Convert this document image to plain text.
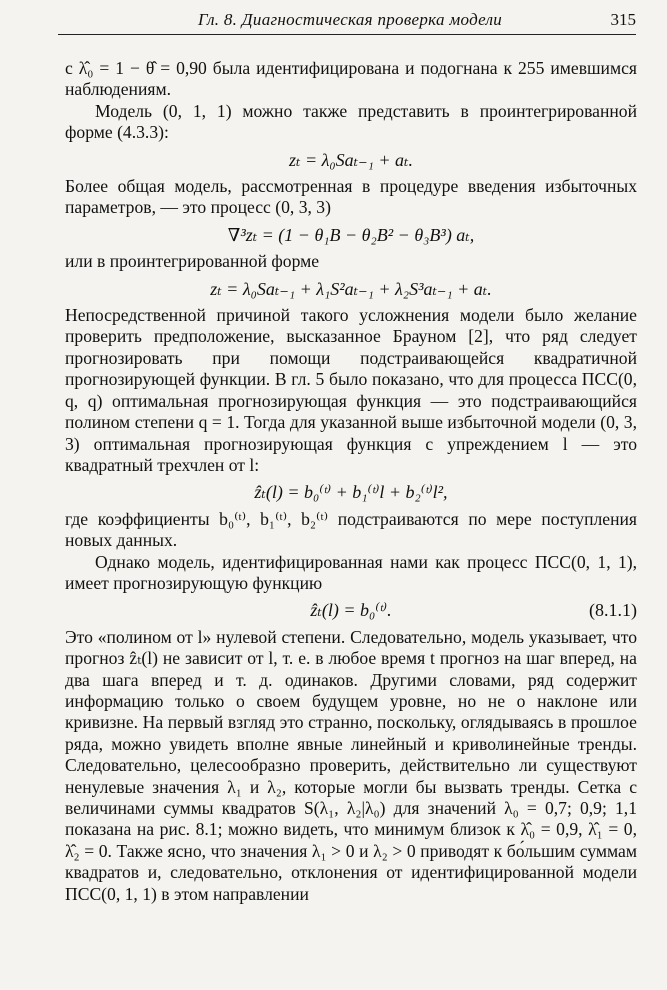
Гл. 8. Диагностическая проверка модели	315

с λ̂₀ = 1 − θ̂ = 0,90 была идентифицирована и подогнана к 255 имевшимся наблюдениям.

Модель (0, 1, 1) можно также представить в проинтегрированной форме (4.3.3):

zₜ = λ₀Saₜ₋₁ + aₜ.

Более общая модель, рассмотренная в процедуре введения избыточных параметров, — это процесс (0, 3, 3)

∇³zₜ = (1 − θ₁B − θ₂B² − θ₃B³) aₜ,

или в проинтегрированной форме

zₜ = λ₀Saₜ₋₁ + λ₁S²aₜ₋₁ + λ₂S³aₜ₋₁ + aₜ.

Непосредственной причиной такого усложнения модели было желание проверить предположение, высказанное Брауном [2], что ряд следует прогнозировать при помощи подстраивающейся квадратичной прогнозирующей функции. В гл. 5 было показано, что для процесса ПСС(0, q, q) оптимальная прогнозирующая функция — это подстраивающийся полином степени q = 1. Тогда для указанной выше избыточной модели (0, 3, 3) оптимальная прогнозирующая функция с упреждением l — это квадратный трехчлен от l:

ẑₜ(l) = b₀⁽ᵗ⁾ + b₁⁽ᵗ⁾l + b₂⁽ᵗ⁾l²,

где коэффициенты b₀⁽ᵗ⁾, b₁⁽ᵗ⁾, b₂⁽ᵗ⁾ подстраиваются по мере поступления новых данных.

Однако модель, идентифицированная нами как процесс ПСС(0, 1, 1), имеет прогнозирующую функцию

ẑₜ(l) = b₀⁽ᵗ⁾.	(8.1.1)

Это «полином от l» нулевой степени. Следовательно, модель указывает, что прогноз ẑₜ(l) не зависит от l, т. е. в любое время t прогноз на шаг вперед, на два шага вперед и т. д. одинаков. Другими словами, ряд содержит информацию только о своем будущем уровне, но не о наклоне или кривизне. На первый взгляд это странно, поскольку, оглядываясь в прошлое ряда, можно увидеть вполне явные линейный и криволинейные тренды. Следовательно, целесообразно проверить, действительно ли существуют ненулевые значения λ₁ и λ₂, которые могли бы вызвать тренды. Сетка с величинами суммы квадратов S(λ₁, λ₂|λ₀) для значений λ₀ = 0,7; 0,9; 1,1 показана на рис. 8.1; можно видеть, что минимум близок к λ̂₀ = 0,9, λ̂₁ = 0, λ̂₂ = 0. Также ясно, что значения λ₁ > 0 и λ₂ > 0 приводят к бо́льшим суммам квадратов и, следовательно, отклонения от идентифицированной модели ПСС(0, 1, 1) в этом направлении
